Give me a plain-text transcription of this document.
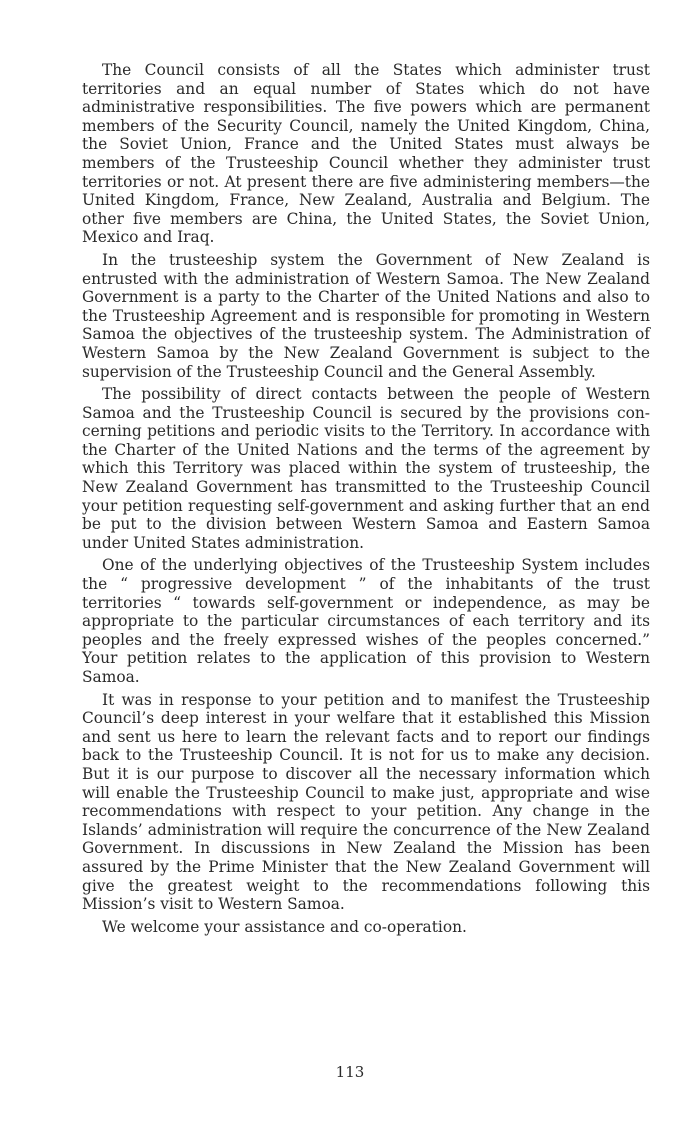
The Council consists of all the States which administer trust territories and an equal number of States which do not have administrative responsibilities. The five powers which are permanent members of the Security Council, namely the United Kingdom, China, the Soviet Union, France and the United States must always be members of the Trusteeship Council whether they administer trust territories or not. At present there are five administering members—the United Kingdom, France, New Zealand, Australia and Belgium. The other five members are China, the United States, the Soviet Union, Mexico and Iraq.

In the trusteeship system the Government of New Zealand is entrusted with the administration of Western Samoa. The New Zealand Government is a party to the Charter of the United Nations and also to the Trusteeship Agreement and is responsible for promoting in Western Samoa the objectives of the trusteeship system. The Administration of Western Samoa by the New Zealand Government is subject to the supervision of the Trusteeship Council and the General Assembly.

The possibility of direct contacts between the people of Western Samoa and the Trusteeship Council is secured by the provisions concerning petitions and periodic visits to the Territory. In accordance with the Charter of the United Nations and the terms of the agreement by which this Territory was placed within the system of trusteeship, the New Zealand Government has transmitted to the Trusteeship Council your petition requesting self-government and asking further that an end be put to the division between Western Samoa and Eastern Samoa under United States administration.

One of the underlying objectives of the Trusteeship System includes the “ progressive development ” of the inhabitants of the trust territories “ towards self-government or independence, as may be appropriate to the particular circumstances of each territory and its peoples and the freely expressed wishes of the peoples concerned.” Your petition relates to the application of this provision to Western Samoa.

It was in response to your petition and to manifest the Trusteeship Council’s deep interest in your welfare that it established this Mission and sent us here to learn the relevant facts and to report our findings back to the Trusteeship Council. It is not for us to make any decision. But it is our purpose to discover all the necessary information which will enable the Trusteeship Council to make just, appropriate and wise recommendations with respect to your petition. Any change in the Islands’ administration will require the concurrence of the New Zealand Government. In discussions in New Zealand the Mission has been assured by the Prime Minister that the New Zealand Government will give the greatest weight to the recommendations following this Mission’s visit to Western Samoa.

We welcome your assistance and co-operation.

113
